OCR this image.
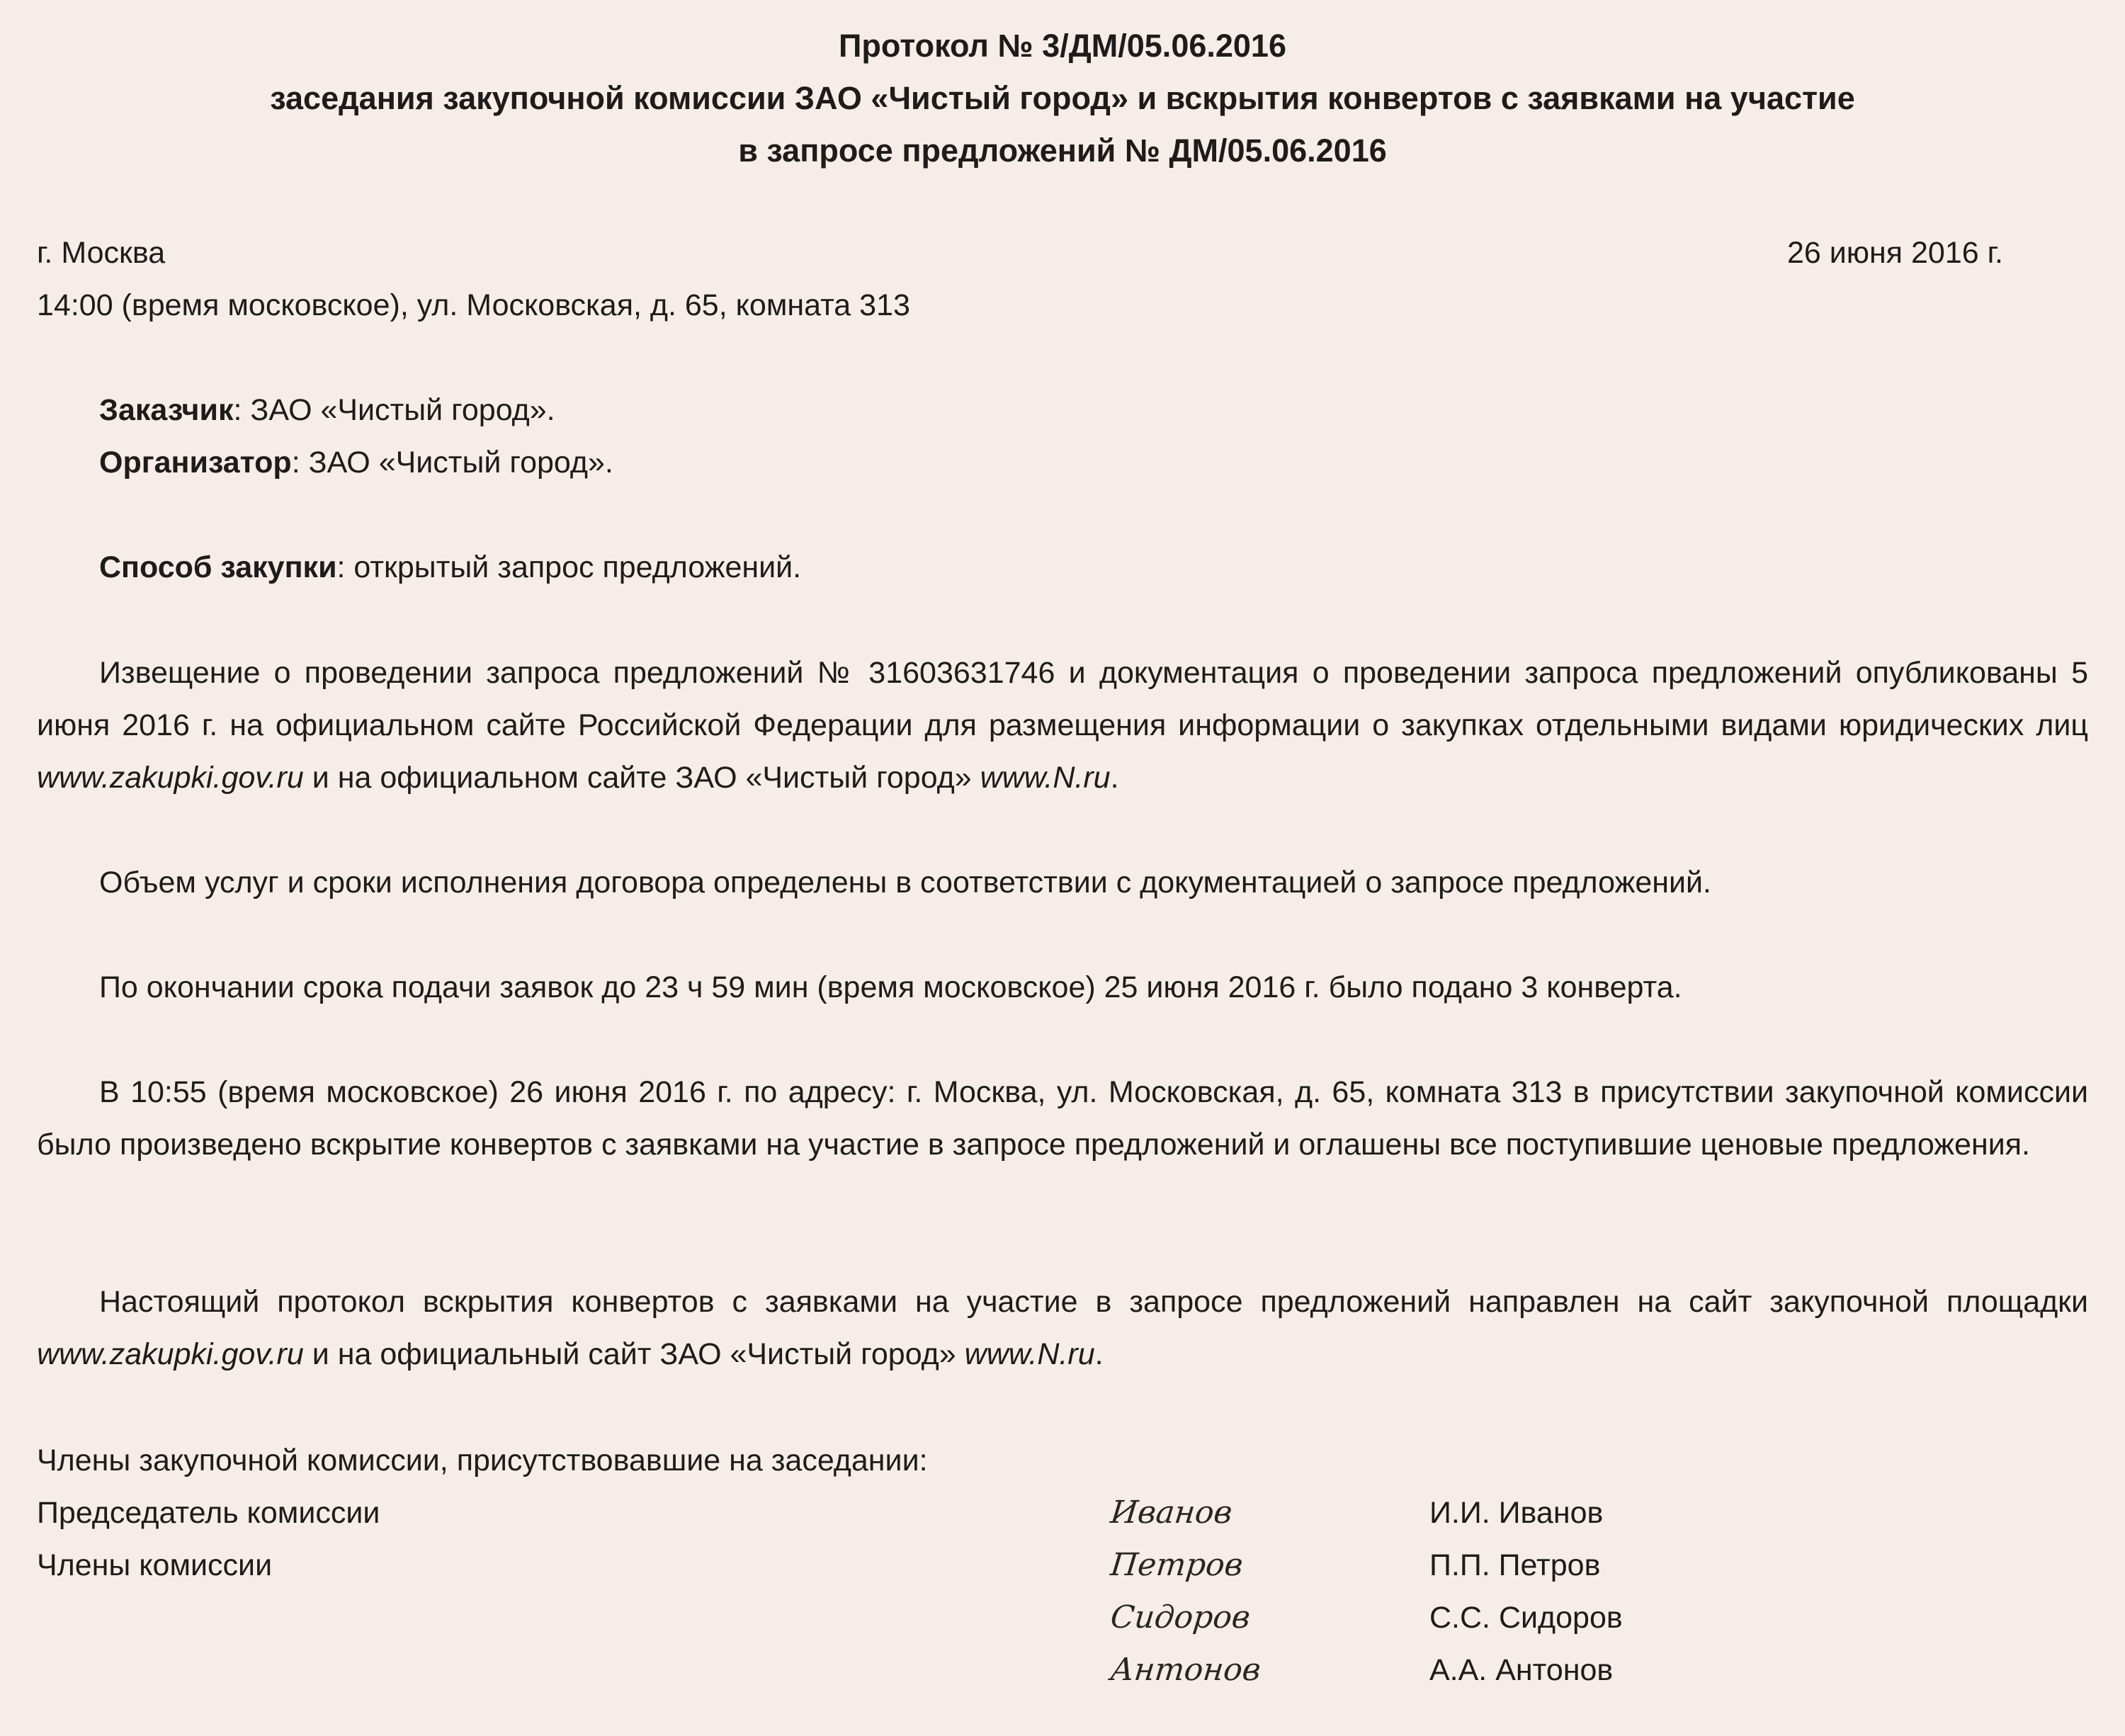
Протокол № 3/ДМ/05.06.2016
заседания закупочной комиссии ЗАО «Чистый город» и вскрытия конвертов с заявками на участие
в запросе предложений № ДМ/05.06.2016
г. Москва	26 июня 2016 г.
14:00 (время московское), ул. Московская, д. 65, комната 313
Заказчик: ЗАО «Чистый город».
Организатор: ЗАО «Чистый город».
Способ закупки: открытый запрос предложений.
Извещение о проведении запроса предложений № 31603631746 и документация о проведении запроса предложений опубликованы 5 июня 2016 г. на официальном сайте Российской Федерации для размещения информации о закупках отдельными видами юридических лиц www.zakupki.gov.ru и на официальном сайте ЗАО «Чистый город» www.N.ru.
Объем услуг и сроки исполнения договора определены в соответствии с документацией о запросе предложений.
По окончании срока подачи заявок до 23 ч 59 мин (время московское) 25 июня 2016 г. было подано 3 конверта.
В 10:55 (время московское) 26 июня 2016 г. по адресу: г. Москва, ул. Московская, д. 65, комната 313 в присутствии закупочной комиссии было произведено вскрытие конвертов с заявками на участие в запросе предложений и оглашены все поступившие ценовые предложения.
Настоящий протокол вскрытия конвертов с заявками на участие в запросе предложений направлен на сайт закупочной площадки www.zakupki.gov.ru и на официальный сайт ЗАО «Чистый город» www.N.ru.
Члены закупочной комиссии, присутствовавшие на заседании:
Председатель комиссии
Члены комиссии
Иванов
Петров
Сидоров
Антонов
И.И. Иванов
П.П. Петров
С.С. Сидоров
А.А. Антонов
